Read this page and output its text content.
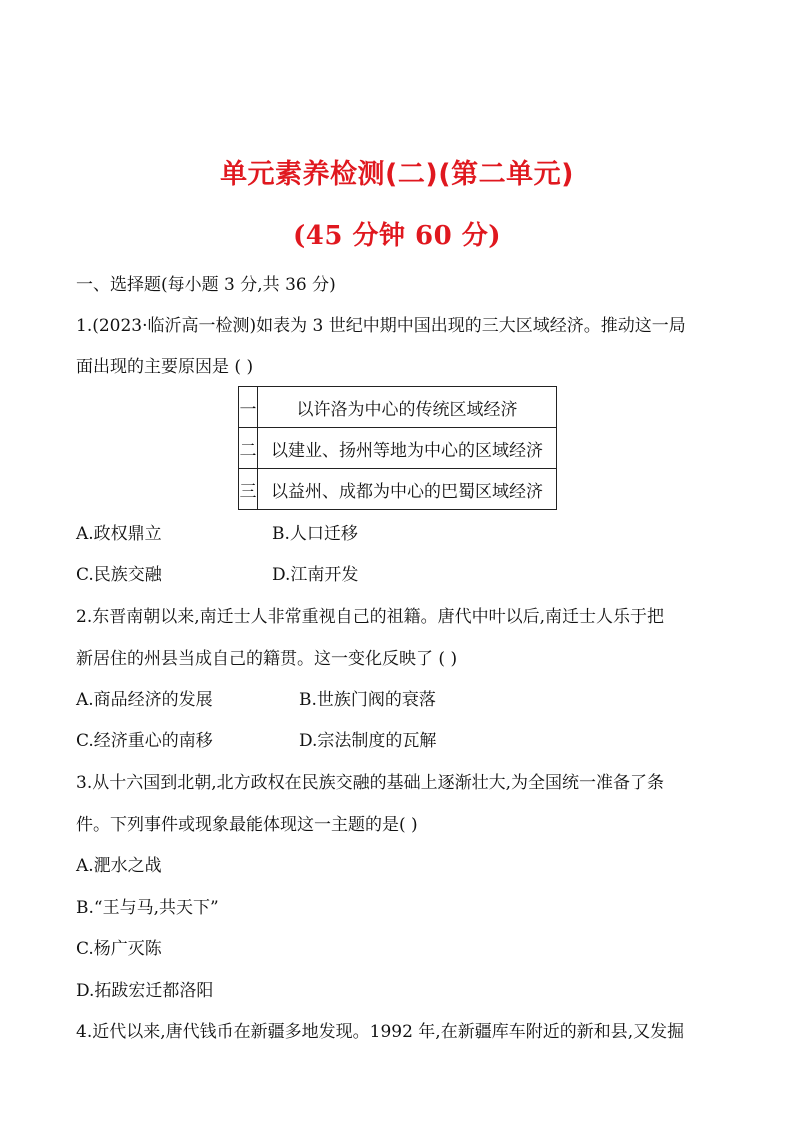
单元素养检测(二)(第二单元)
(45 分钟 60 分)
一、选择题(每小题 3 分,共 36 分)
1.(2023·临沂高一检测)如表为 3 世纪中期中国出现的三大区域经济。推动这一局
面出现的主要原因是 ( )
一	以许洛为中心的传统区域经济
二	以建业、扬州等地为中心的区域经济
三	以益州、成都为中心的巴蜀区域经济
A.政权鼎立	B.人口迁移
C.民族交融	D.江南开发
2.东晋南朝以来,南迁士人非常重视自己的祖籍。唐代中叶以后,南迁士人乐于把
新居住的州县当成自己的籍贯。这一变化反映了 ( )
A.商品经济的发展	B.世族门阀的衰落
C.经济重心的南移	D.宗法制度的瓦解
3.从十六国到北朝,北方政权在民族交融的基础上逐渐壮大,为全国统一准备了条
件。下列事件或现象最能体现这一主题的是( )
A.淝水之战
B.“王与马,共天下”
C.杨广灭陈
D.拓跋宏迁都洛阳
4.近代以来,唐代钱币在新疆多地发现。1992 年,在新疆库车附近的新和县,又发掘
